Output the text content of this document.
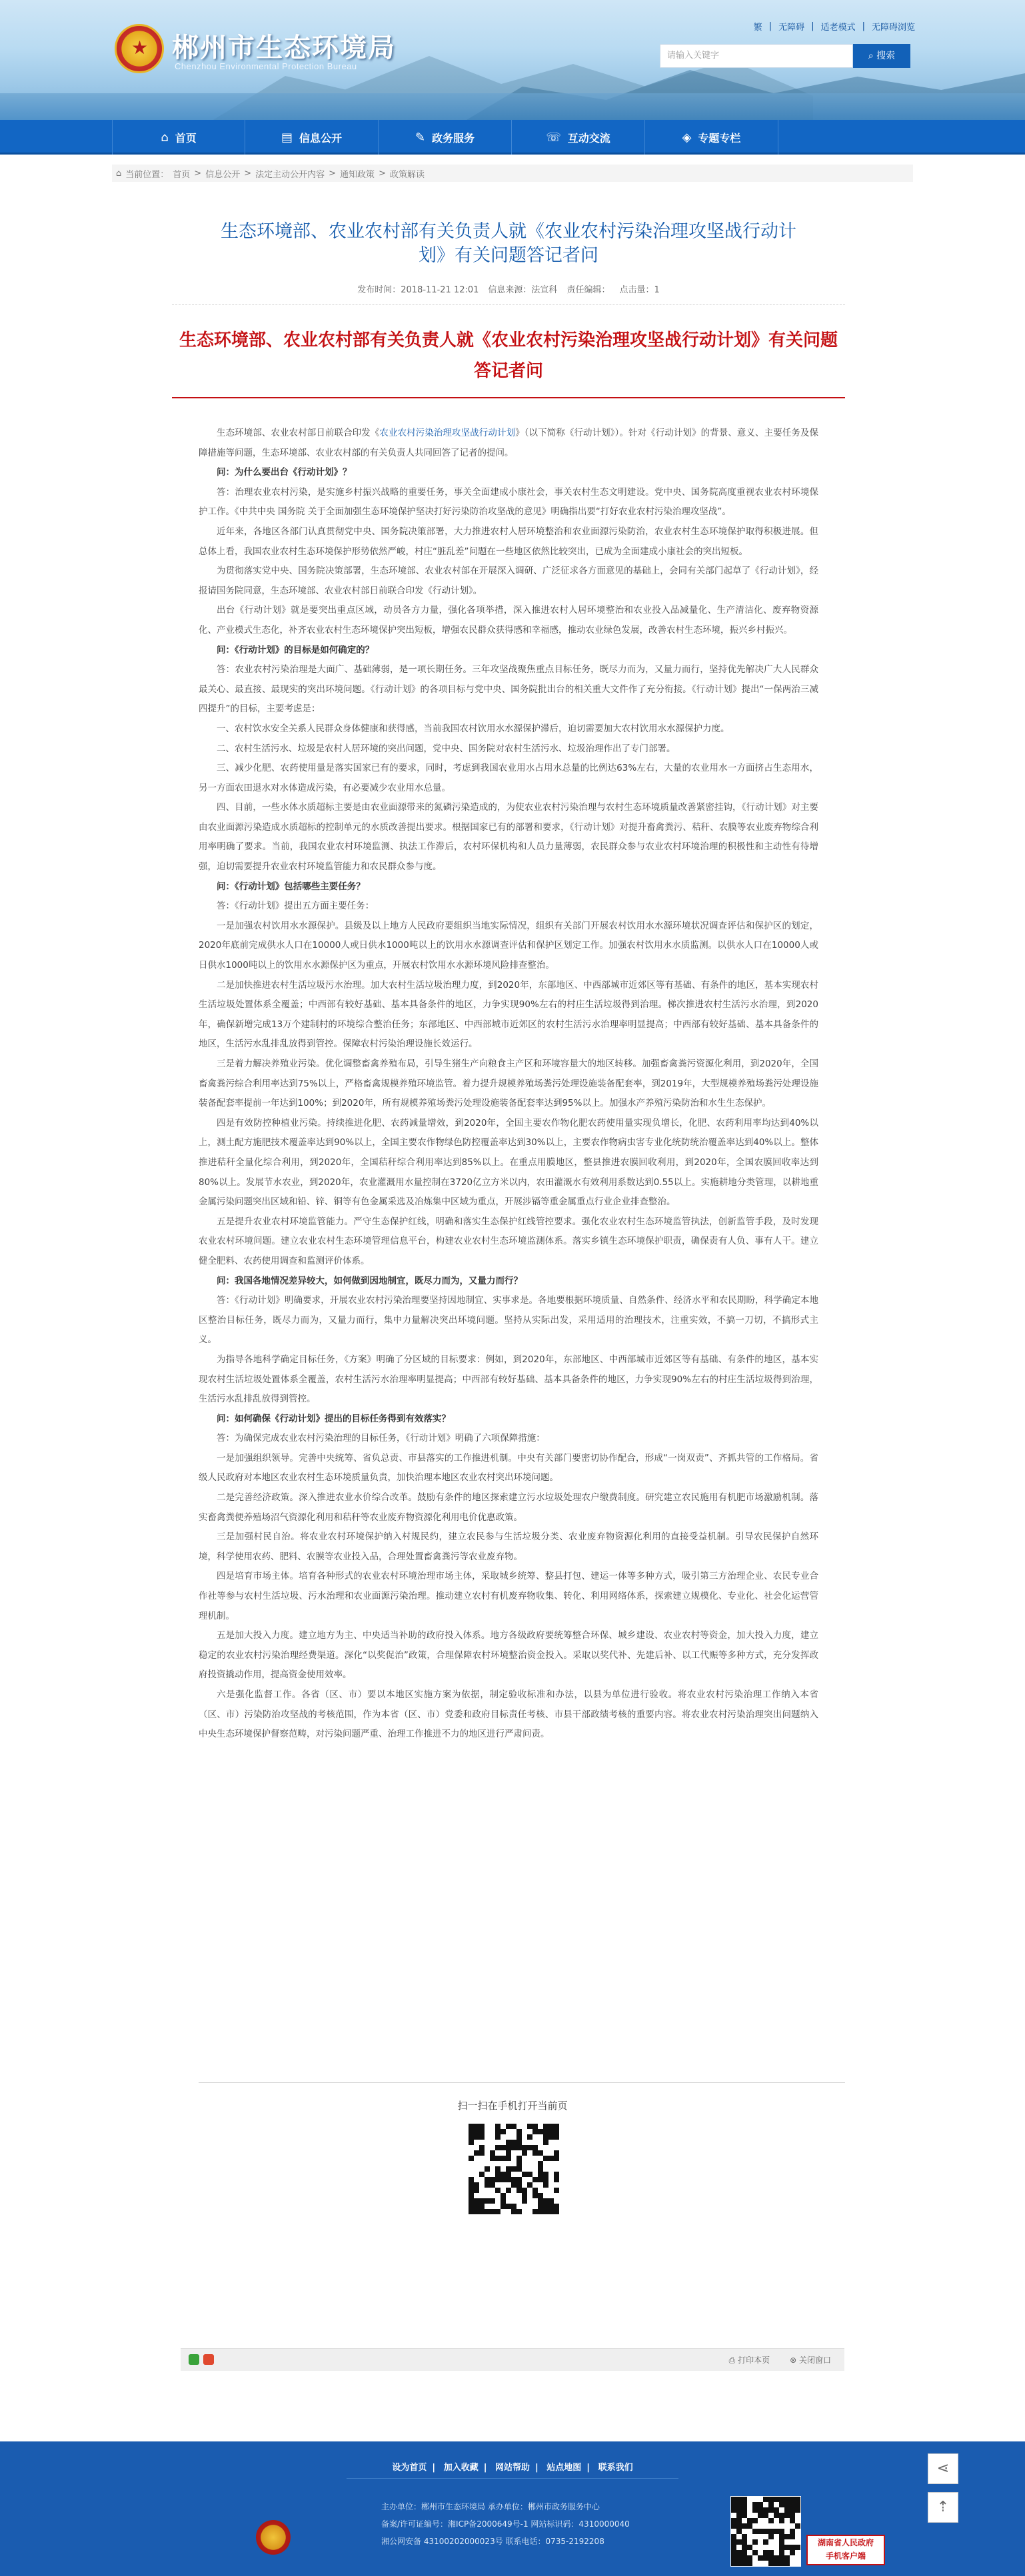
★ 郴州市生态环境局
Chenzhou Environmental Protection Bureau
繁 | 无障碍 | 适老模式 | 无障碍浏览
请输入关键字	⌕ 搜索
⌂ 首页	▤ 信息公开	✎ 政务服务	☏ 互动交流	◈ 专题专栏
⌂ 当前位置： 首页 > 信息公开 > 法定主动公开内容 > 通知政策 > 政策解读
生态环境部、农业农村部有关负责人就《农业农村污染治理攻坚战行动计划》有关问题答记者问
发布时间：2018-11-21 12:01 信息来源：法宣科 责任编辑： 点击量：1
生态环境部、农业农村部有关负责人就《农业农村污染治理攻坚战行动计划》有关问题答记者问

生态环境部、农业农村部日前联合印发《农业农村污染治理攻坚战行动计划》（以下简称《行动计划》）。针对《行动计划》的背景、意义、主要任务及保障措施等问题，生态环境部、农业农村部的有关负责人共同回答了记者的提问。

问：为什么要出台《行动计划》？

答：治理农业农村污染，是实施乡村振兴战略的重要任务，事关全面建成小康社会，事关农村生态文明建设。党中央、国务院高度重视农业农村环境保护工作。《中共中央 国务院 关于全面加强生态环境保护坚决打好污染防治攻坚战的意见》明确指出要“打好农业农村污染治理攻坚战”。

近年来，各地区各部门认真贯彻党中央、国务院决策部署，大力推进农村人居环境整治和农业面源污染防治，农业农村生态环境保护取得积极进展。但总体上看，我国农业农村生态环境保护形势依然严峻，村庄“脏乱差”问题在一些地区依然比较突出，已成为全面建成小康社会的突出短板。

为贯彻落实党中央、国务院决策部署，生态环境部、农业农村部在开展深入调研、广泛征求各方面意见的基础上，会同有关部门起草了《行动计划》，经报请国务院同意，生态环境部、农业农村部日前联合印发《行动计划》。

出台《行动计划》就是要突出重点区域，动员各方力量，强化各项举措，深入推进农村人居环境整治和农业投入品减量化、生产清洁化、废弃物资源化、产业模式生态化，补齐农业农村生态环境保护突出短板，增强农民群众获得感和幸福感，推动农业绿色发展，改善农村生态环境，振兴乡村振兴。

问：《行动计划》的目标是如何确定的？

答：农业农村污染治理是大面广、基础薄弱，是一项长期任务。三年攻坚战聚焦重点目标任务，既尽力而为，又量力而行，坚持优先解决广大人民群众最关心、最直接、最现实的突出环境问题。《行动计划》的各项目标与党中央、国务院批出台的相关重大文件作了充分衔接。《行动计划》提出“一保两治三减四提升”的目标，主要考虑是：

一、农村饮水安全关系人民群众身体健康和获得感，当前我国农村饮用水水源保护滞后，迫切需要加大农村饮用水水源保护力度。

二、农村生活污水、垃圾是农村人居环境的突出问题，党中央、国务院对农村生活污水、垃圾治理作出了专门部署。

三、减少化肥、农药使用量是落实国家已有的要求，同时，考虑到我国农业用水占用水总量的比例达63%左右，大量的农业用水一方面挤占生态用水，另一方面农田退水对水体造成污染，有必要减少农业用水总量。

四、目前，一些水体水质超标主要是由农业面源带来的氮磷污染造成的，为使农业农村污染治理与农村生态环境质量改善紧密挂钩，《行动计划》对主要由农业面源污染造成水质超标的控制单元的水质改善提出要求。根据国家已有的部署和要求，《行动计划》对提升畜禽粪污、秸秆、农膜等农业废弃物综合利用率明确了要求。当前，我国农业农村环境监测、执法工作滞后，农村环保机构和人员力量薄弱，农民群众参与农业农村环境治理的积极性和主动性有待增强，迫切需要提升农业农村环境监管能力和农民群众参与度。

问：《行动计划》包括哪些主要任务？

答：《行动计划》提出五方面主要任务：

一是加强农村饮用水水源保护。县级及以上地方人民政府要组织当地实际情况，组织有关部门开展农村饮用水水源环境状况调查评估和保护区的划定，2020年底前完成供水人口在10000人或日供水1000吨以上的饮用水水源调查评估和保护区划定工作。加强农村饮用水水质监测。以供水人口在10000人或日供水1000吨以上的饮用水水源保护区为重点，开展农村饮用水水源环境风险排查整治。

二是加快推进农村生活垃圾污水治理。加大农村生活垃圾治理力度，到2020年，东部地区、中西部城市近郊区等有基础、有条件的地区，基本实现农村生活垃圾处置体系全覆盖；中西部有较好基础、基本具备条件的地区，力争实现90%左右的村庄生活垃圾得到治理。梯次推进农村生活污水治理，到2020年，确保新增完成13万个建制村的环境综合整治任务；东部地区、中西部城市近郊区的农村生活污水治理率明显提高；中西部有较好基础、基本具备条件的地区，生活污水乱排乱放得到管控。保障农村污染治理设施长效运行。

三是着力解决养殖业污染。优化调整畜禽养殖布局，引导生猪生产向粮食主产区和环境容量大的地区转移。加强畜禽粪污资源化利用，到2020年，全国畜禽粪污综合利用率达到75%以上，严格畜禽规模养殖环境监管。着力提升规模养殖场粪污处理设施装备配套率，到2019年，大型规模养殖场粪污处理设施装备配套率提前一年达到100%；到2020年，所有规模养殖场粪污处理设施装备配套率达到95%以上。加强水产养殖污染防治和水生生态保护。

四是有效防控种植业污染。持续推进化肥、农药减量增效，到2020年，全国主要农作物化肥农药使用量实现负增长，化肥、农药利用率均达到40%以上，测土配方施肥技术覆盖率达到90%以上，全国主要农作物绿色防控覆盖率达到30%以上，主要农作物病虫害专业化统防统治覆盖率达到40%以上。整体推进秸秆全量化综合利用，到2020年，全国秸秆综合利用率达到85%以上。在重点用膜地区，整县推进农膜回收利用，到2020年，全国农膜回收率达到80%以上。发展节水农业，到2020年，农业灌溉用水量控制在3720亿立方米以内，农田灌溉水有效利用系数达到0.55以上。实施耕地分类管理，以耕地重金属污染问题突出区域和铅、锌、铜等有色金属采选及冶炼集中区域为重点，开展涉镉等重金属重点行业企业排查整治。

五是提升农业农村环境监管能力。严守生态保护红线，明确和落实生态保护红线管控要求。强化农业农村生态环境监管执法，创新监管手段，及时发现农业农村环境问题。建立农业农村生态环境管理信息平台，构建农业农村生态环境监测体系。落实乡镇生态环境保护职责，确保责有人负、事有人干。建立健全肥料、农药使用调查和监测评价体系。

问：我国各地情况差异较大，如何做到因地制宜，既尽力而为，又量力而行？

答：《行动计划》明确要求，开展农业农村污染治理要坚持因地制宜、实事求是。各地要根据环境质量、自然条件、经济水平和农民期盼，科学确定本地区整治目标任务，既尽力而为，又量力而行，集中力量解决突出环境问题。坚持从实际出发，采用适用的治理技术，注重实效，不搞一刀切，不搞形式主义。

为指导各地科学确定目标任务，《方案》明确了分区域的目标要求：例如，到2020年，东部地区、中西部城市近郊区等有基础、有条件的地区，基本实现农村生活垃圾处置体系全覆盖，农村生活污水治理率明显提高；中西部有较好基础、基本具备条件的地区，力争实现90%左右的村庄生活垃圾得到治理，生活污水乱排乱放得到管控。

问：如何确保《行动计划》提出的目标任务得到有效落实？

答：为确保完成农业农村污染治理的目标任务，《行动计划》明确了六项保障措施：

一是加强组织领导。完善中央统筹、省负总责、市县落实的工作推进机制。中央有关部门要密切协作配合，形成“一岗双责”、齐抓共管的工作格局。省级人民政府对本地区农业农村生态环境质量负责，加快治理本地区农业农村突出环境问题。

二是完善经济政策。深入推进农业水价综合改革。鼓励有条件的地区探索建立污水垃圾处理农户缴费制度。研究建立农民施用有机肥市场激励机制。落实畜禽粪便养殖场沼气资源化利用和秸秆等农业废弃物资源化利用电价优惠政策。

三是加强村民自治。将农业农村环境保护纳入村规民约，建立农民参与生活垃圾分类、农业废弃物资源化利用的直接受益机制。引导农民保护自然环境，科学使用农药、肥料、农膜等农业投入品，合理处置畜禽粪污等农业废弃物。

四是培育市场主体。培育各种形式的农业农村环境治理市场主体，采取城乡统筹、整县打包、建运一体等多种方式，吸引第三方治理企业、农民专业合作社等参与农村生活垃圾、污水治理和农业面源污染治理。推动建立农村有机废弃物收集、转化、利用网络体系，探索建立规模化、专业化、社会化运营管理机制。

五是加大投入力度。建立地方为主、中央适当补助的政府投入体系。地方各级政府要统筹整合环保、城乡建设、农业农村等资金，加大投入力度，建立稳定的农业农村污染治理经费渠道。深化“以奖促治”政策，合理保障农村环境整治资金投入。采取以奖代补、先建后补、以工代赈等多种方式，充分发挥政府投资撬动作用，提高资金使用效率。

六是强化监督工作。各省（区、市）要以本地区实施方案为依据，制定验收标准和办法，以县为单位进行验收。将农业农村污染治理工作纳入本省（区、市）污染防治攻坚战的考核范围，作为本省（区、市）党委和政府目标责任考核、市县干部政绩考核的重要内容。将农业农村污染治理突出问题纳入中央生态环境保护督察范畴，对污染问题严重、治理工作推进不力的地区进行严肃问责。

扫一扫在手机打开当前页
⎙ 打印本页	⊗ 关闭窗口
设为首页 | 加入收藏 | 网站帮助 | 站点地图 | 联系我们
主办单位：郴州市生态环境局 承办单位：郴州市政务服务中心
备案/许可证编号：湘ICP备2000649号-1 网站标识码：4310000040
湘公网安备 43100202000023号 联系电话：0735-2192208	湖南省人民政府
手机客户端
⋖
⇡
